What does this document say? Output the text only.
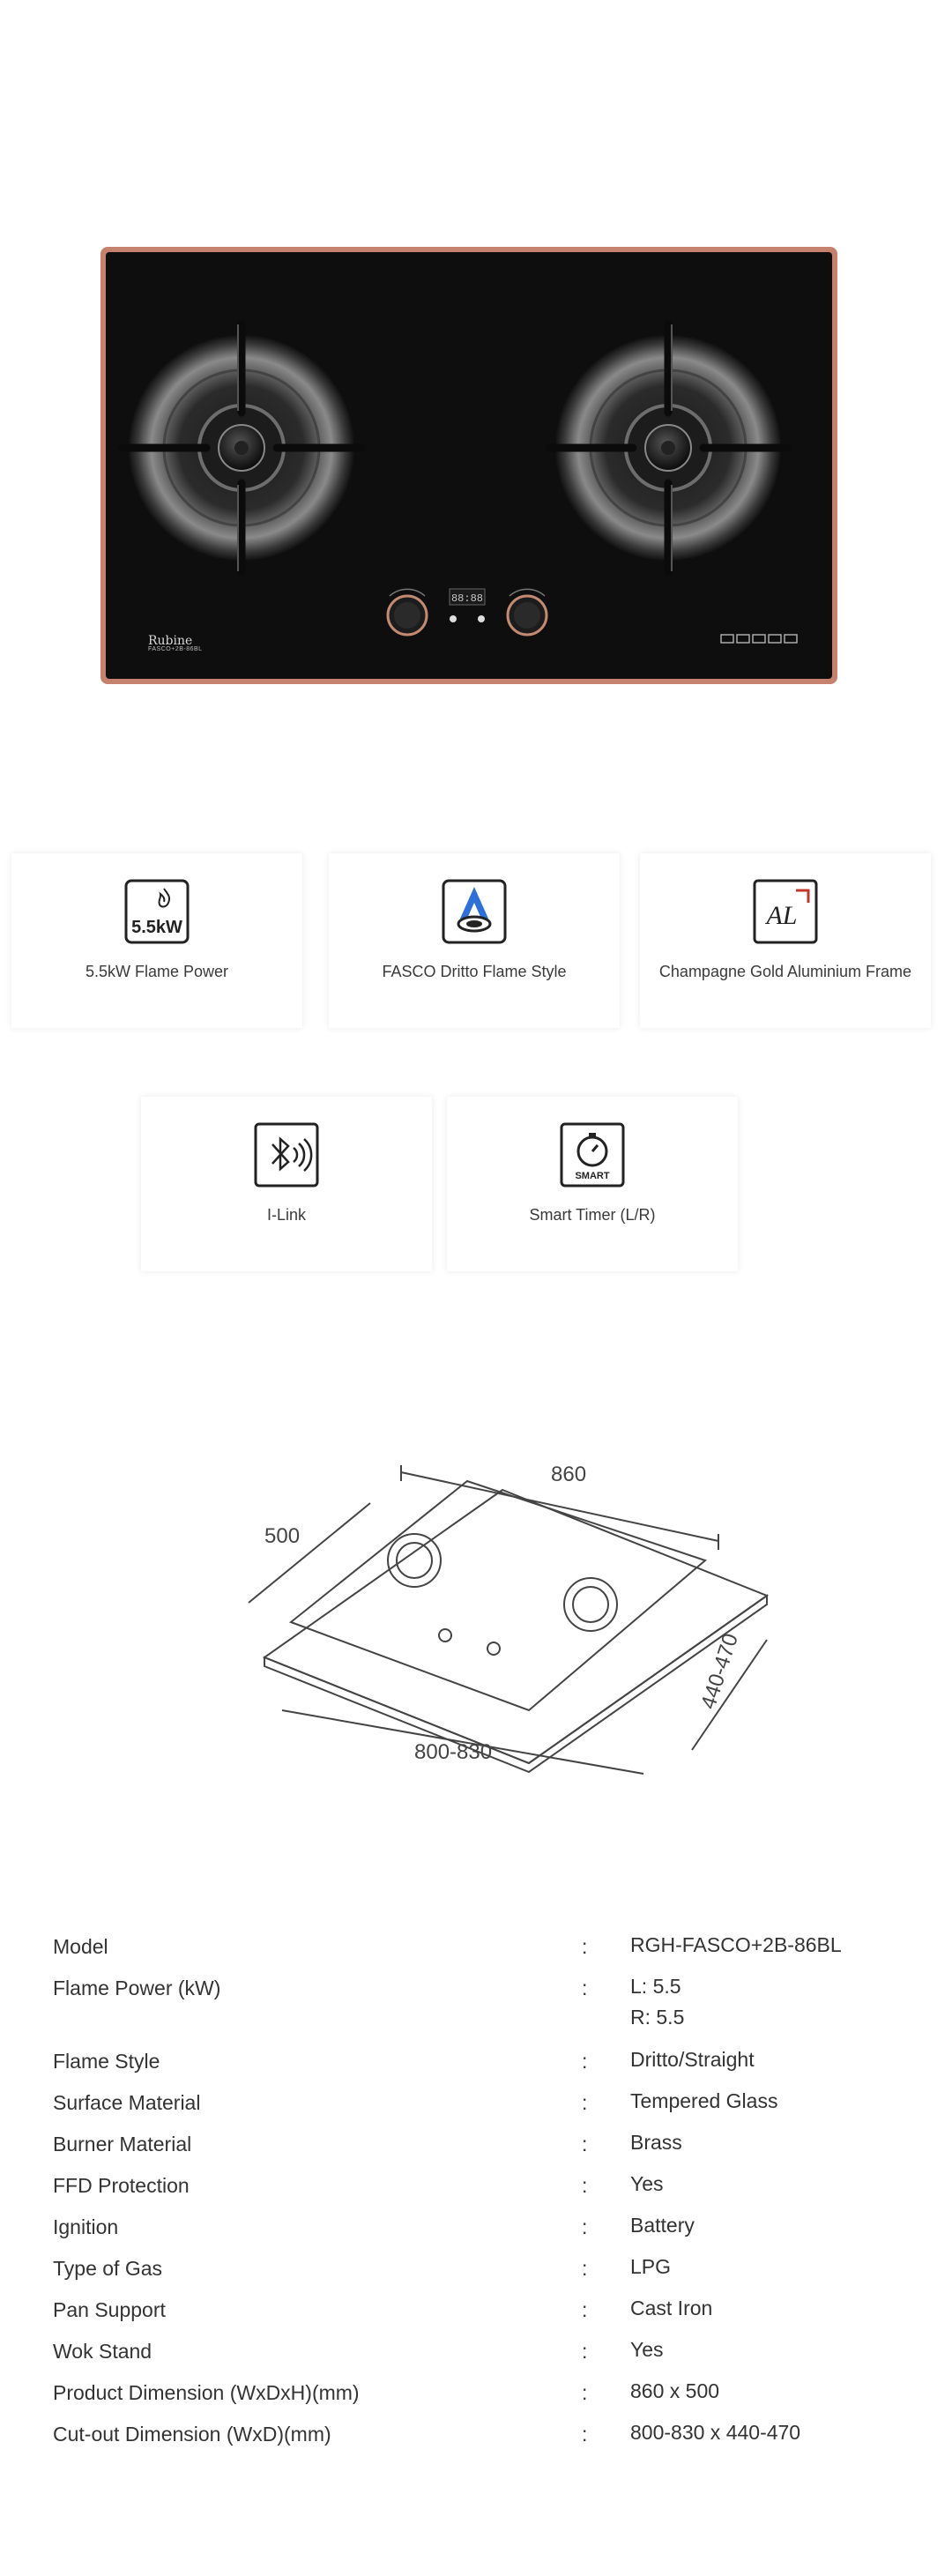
88:88
Rubine
FASCO+2B-86BL
5.5kW
5.5kW Flame Power	FASCO Dritto Flame Style
AL
Champagne Gold Aluminium Frame
I-Link
SMART
Smart Timer (L/R)
860
500
800-830
440-470
Model	: RGH-FASCO+2B-86BL
Flame Power (kW)	: L: 5.5
R: 5.5
Flame Style	: Dritto/Straight
Surface Material	: Tempered Glass
Burner Material	: Brass
FFD Protection	: Yes
Ignition	: Battery
Type of Gas	: LPG
Pan Support	: Cast Iron
Wok Stand	: Yes
Product Dimension (WxDxH)(mm)	: 860 x 500
Cut-out Dimension (WxD)(mm)	: 800-830 x 440-470
